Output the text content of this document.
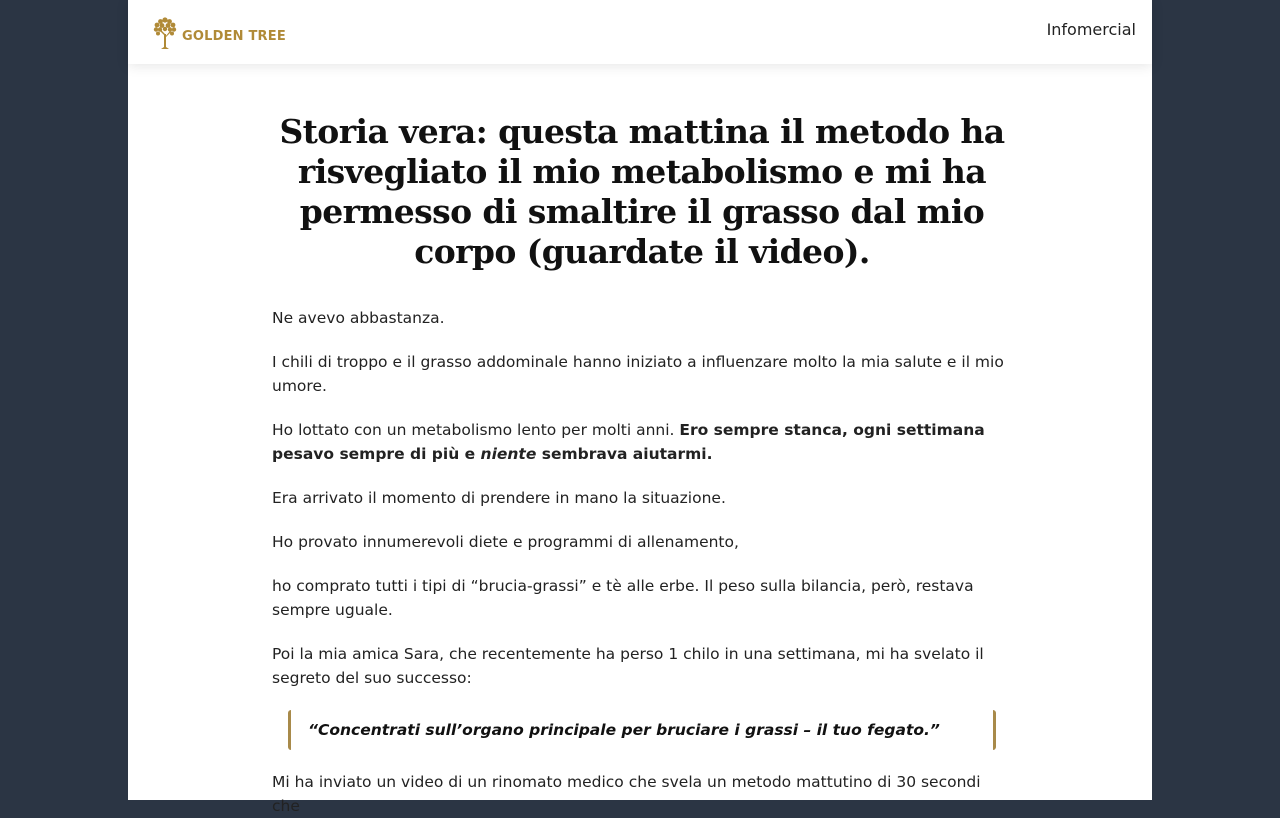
GOLDEN TREE	Infomercial
Storia vera: questa mattina il metodo ha risvegliato il mio metabolismo e mi ha permesso di smaltire il grasso dal mio corpo (guardate il video).

Ne avevo abbastanza.

I chili di troppo e il grasso addominale hanno iniziato a influenzare molto la mia salute e il mio umore.

Ho lottato con un metabolismo lento per molti anni. Ero sempre stanca, ogni settimana pesavo sempre di più e niente sembrava aiutarmi.

Era arrivato il momento di prendere in mano la situazione.

Ho provato innumerevoli diete e programmi di allenamento,

ho comprato tutti i tipi di “brucia-grassi” e tè alle erbe. Il peso sulla bilancia, però, restava sempre uguale.

Poi la mia amica Sara, che recentemente ha perso 1 chilo in una settimana, mi ha svelato il segreto del suo successo:

“Concentrati sull’organo principale per bruciare i grassi – il tuo fegato.”

Mi ha inviato un video di un rinomato medico che svela un metodo mattutino di 30 secondi che
